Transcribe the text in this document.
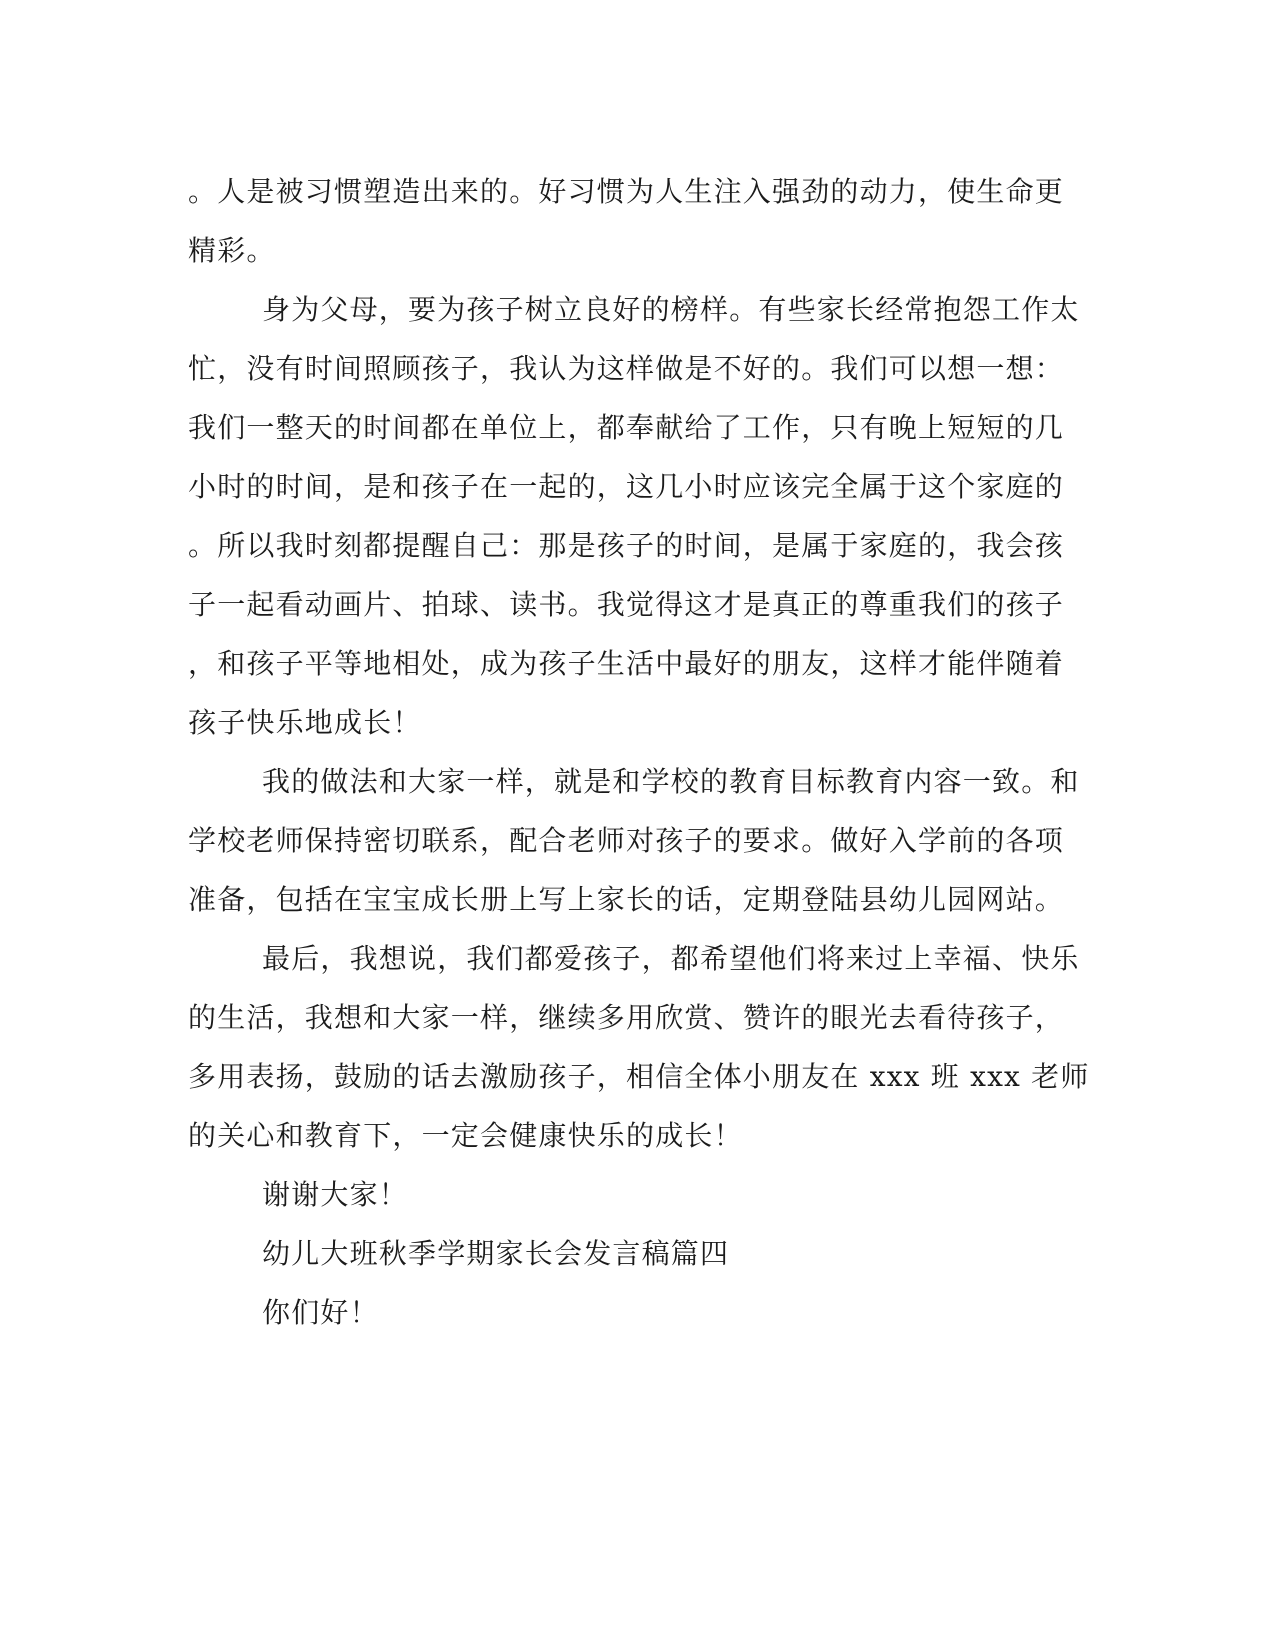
。人是被习惯塑造出来的。好习惯为人生注入强劲的动力，使生命更
精彩。
身为父母，要为孩子树立良好的榜样。有些家长经常抱怨工作太
忙，没有时间照顾孩子，我认为这样做是不好的。我们可以想一想：
我们一整天的时间都在单位上，都奉献给了工作，只有晚上短短的几
小时的时间，是和孩子在一起的，这几小时应该完全属于这个家庭的
。所以我时刻都提醒自己：那是孩子的时间，是属于家庭的，我会孩
子一起看动画片、拍球、读书。我觉得这才是真正的尊重我们的孩子
，和孩子平等地相处，成为孩子生活中最好的朋友，这样才能伴随着
孩子快乐地成长！
我的做法和大家一样，就是和学校的教育目标教育内容一致。和
学校老师保持密切联系，配合老师对孩子的要求。做好入学前的各项
准备，包括在宝宝成长册上写上家长的话，定期登陆县幼儿园网站。
最后，我想说，我们都爱孩子，都希望他们将来过上幸福、快乐
的生活，我想和大家一样，继续多用欣赏、赞许的眼光去看待孩子，
多用表扬，鼓励的话去激励孩子，相信全体小朋友在 xxx 班 xxx 老师
的关心和教育下，一定会健康快乐的成长！
谢谢大家！
幼儿大班秋季学期家长会发言稿篇四
你们好！
